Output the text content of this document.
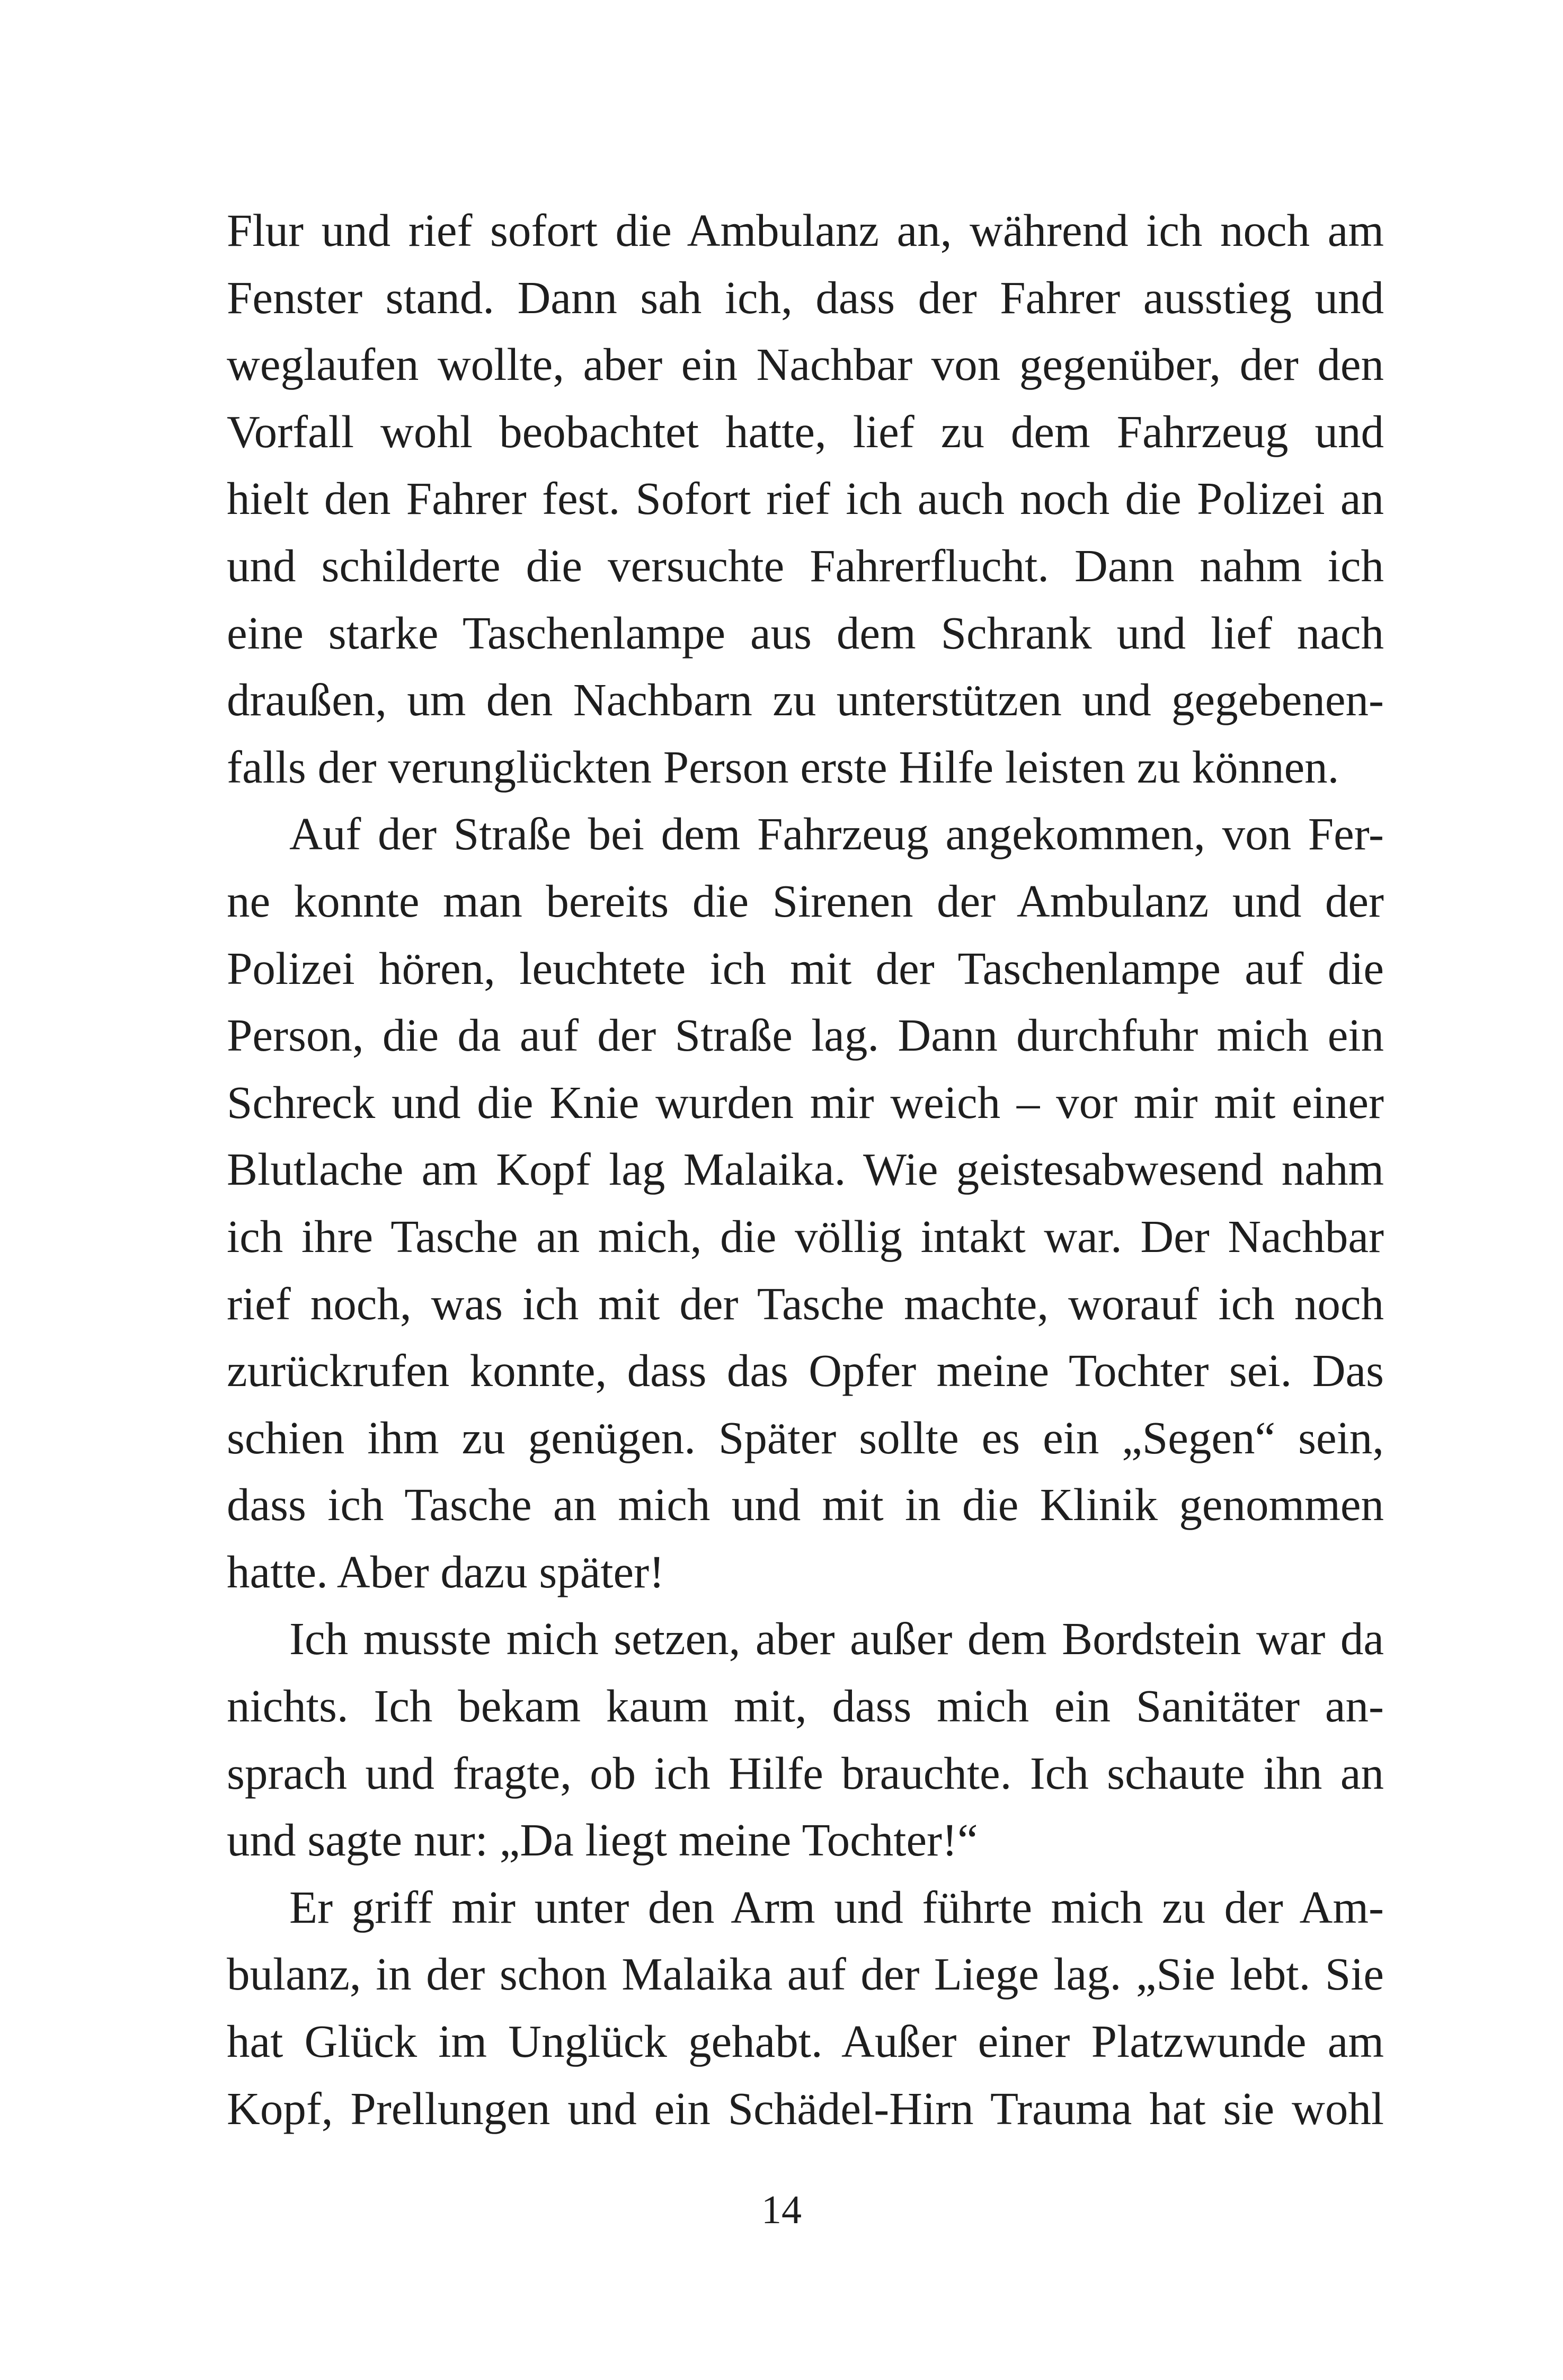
Flur und rief sofort die Ambulanz an, während ich noch am
Fenster stand. Dann sah ich, dass der Fahrer ausstieg und
weglaufen wollte, aber ein Nachbar von gegenüber, der den
Vorfall wohl beobachtet hatte, lief zu dem Fahrzeug und
hielt den Fahrer fest. Sofort rief ich auch noch die Polizei an
und schilderte die versuchte Fahrerflucht. Dann nahm ich
eine starke Taschenlampe aus dem Schrank und lief nach
draußen, um den Nachbarn zu unterstützen und gegebenen-
falls der verunglückten Person erste Hilfe leisten zu können.
Auf der Straße bei dem Fahrzeug angekommen, von Fer-
ne konnte man bereits die Sirenen der Ambulanz und der
Polizei hören, leuchtete ich mit der Taschenlampe auf die
Person, die da auf der Straße lag. Dann durchfuhr mich ein
Schreck und die Knie wurden mir weich – vor mir mit einer
Blutlache am Kopf lag Malaika. Wie geistesabwesend nahm
ich ihre Tasche an mich, die völlig intakt war. Der Nachbar
rief noch, was ich mit der Tasche machte, worauf ich noch
zurückrufen konnte, dass das Opfer meine Tochter sei. Das
schien ihm zu genügen. Später sollte es ein „Segen“ sein,
dass ich Tasche an mich und mit in die Klinik genommen
hatte. Aber dazu später!
Ich musste mich setzen, aber außer dem Bordstein war da
nichts. Ich bekam kaum mit, dass mich ein Sanitäter an-
sprach und fragte, ob ich Hilfe brauchte. Ich schaute ihn an
und sagte nur: „Da liegt meine Tochter!“
Er griff mir unter den Arm und führte mich zu der Am-
bulanz, in der schon Malaika auf der Liege lag. „Sie lebt. Sie
hat Glück im Unglück gehabt. Außer einer Platzwunde am
Kopf, Prellungen und ein Schädel-Hirn Trauma hat sie wohl
14
